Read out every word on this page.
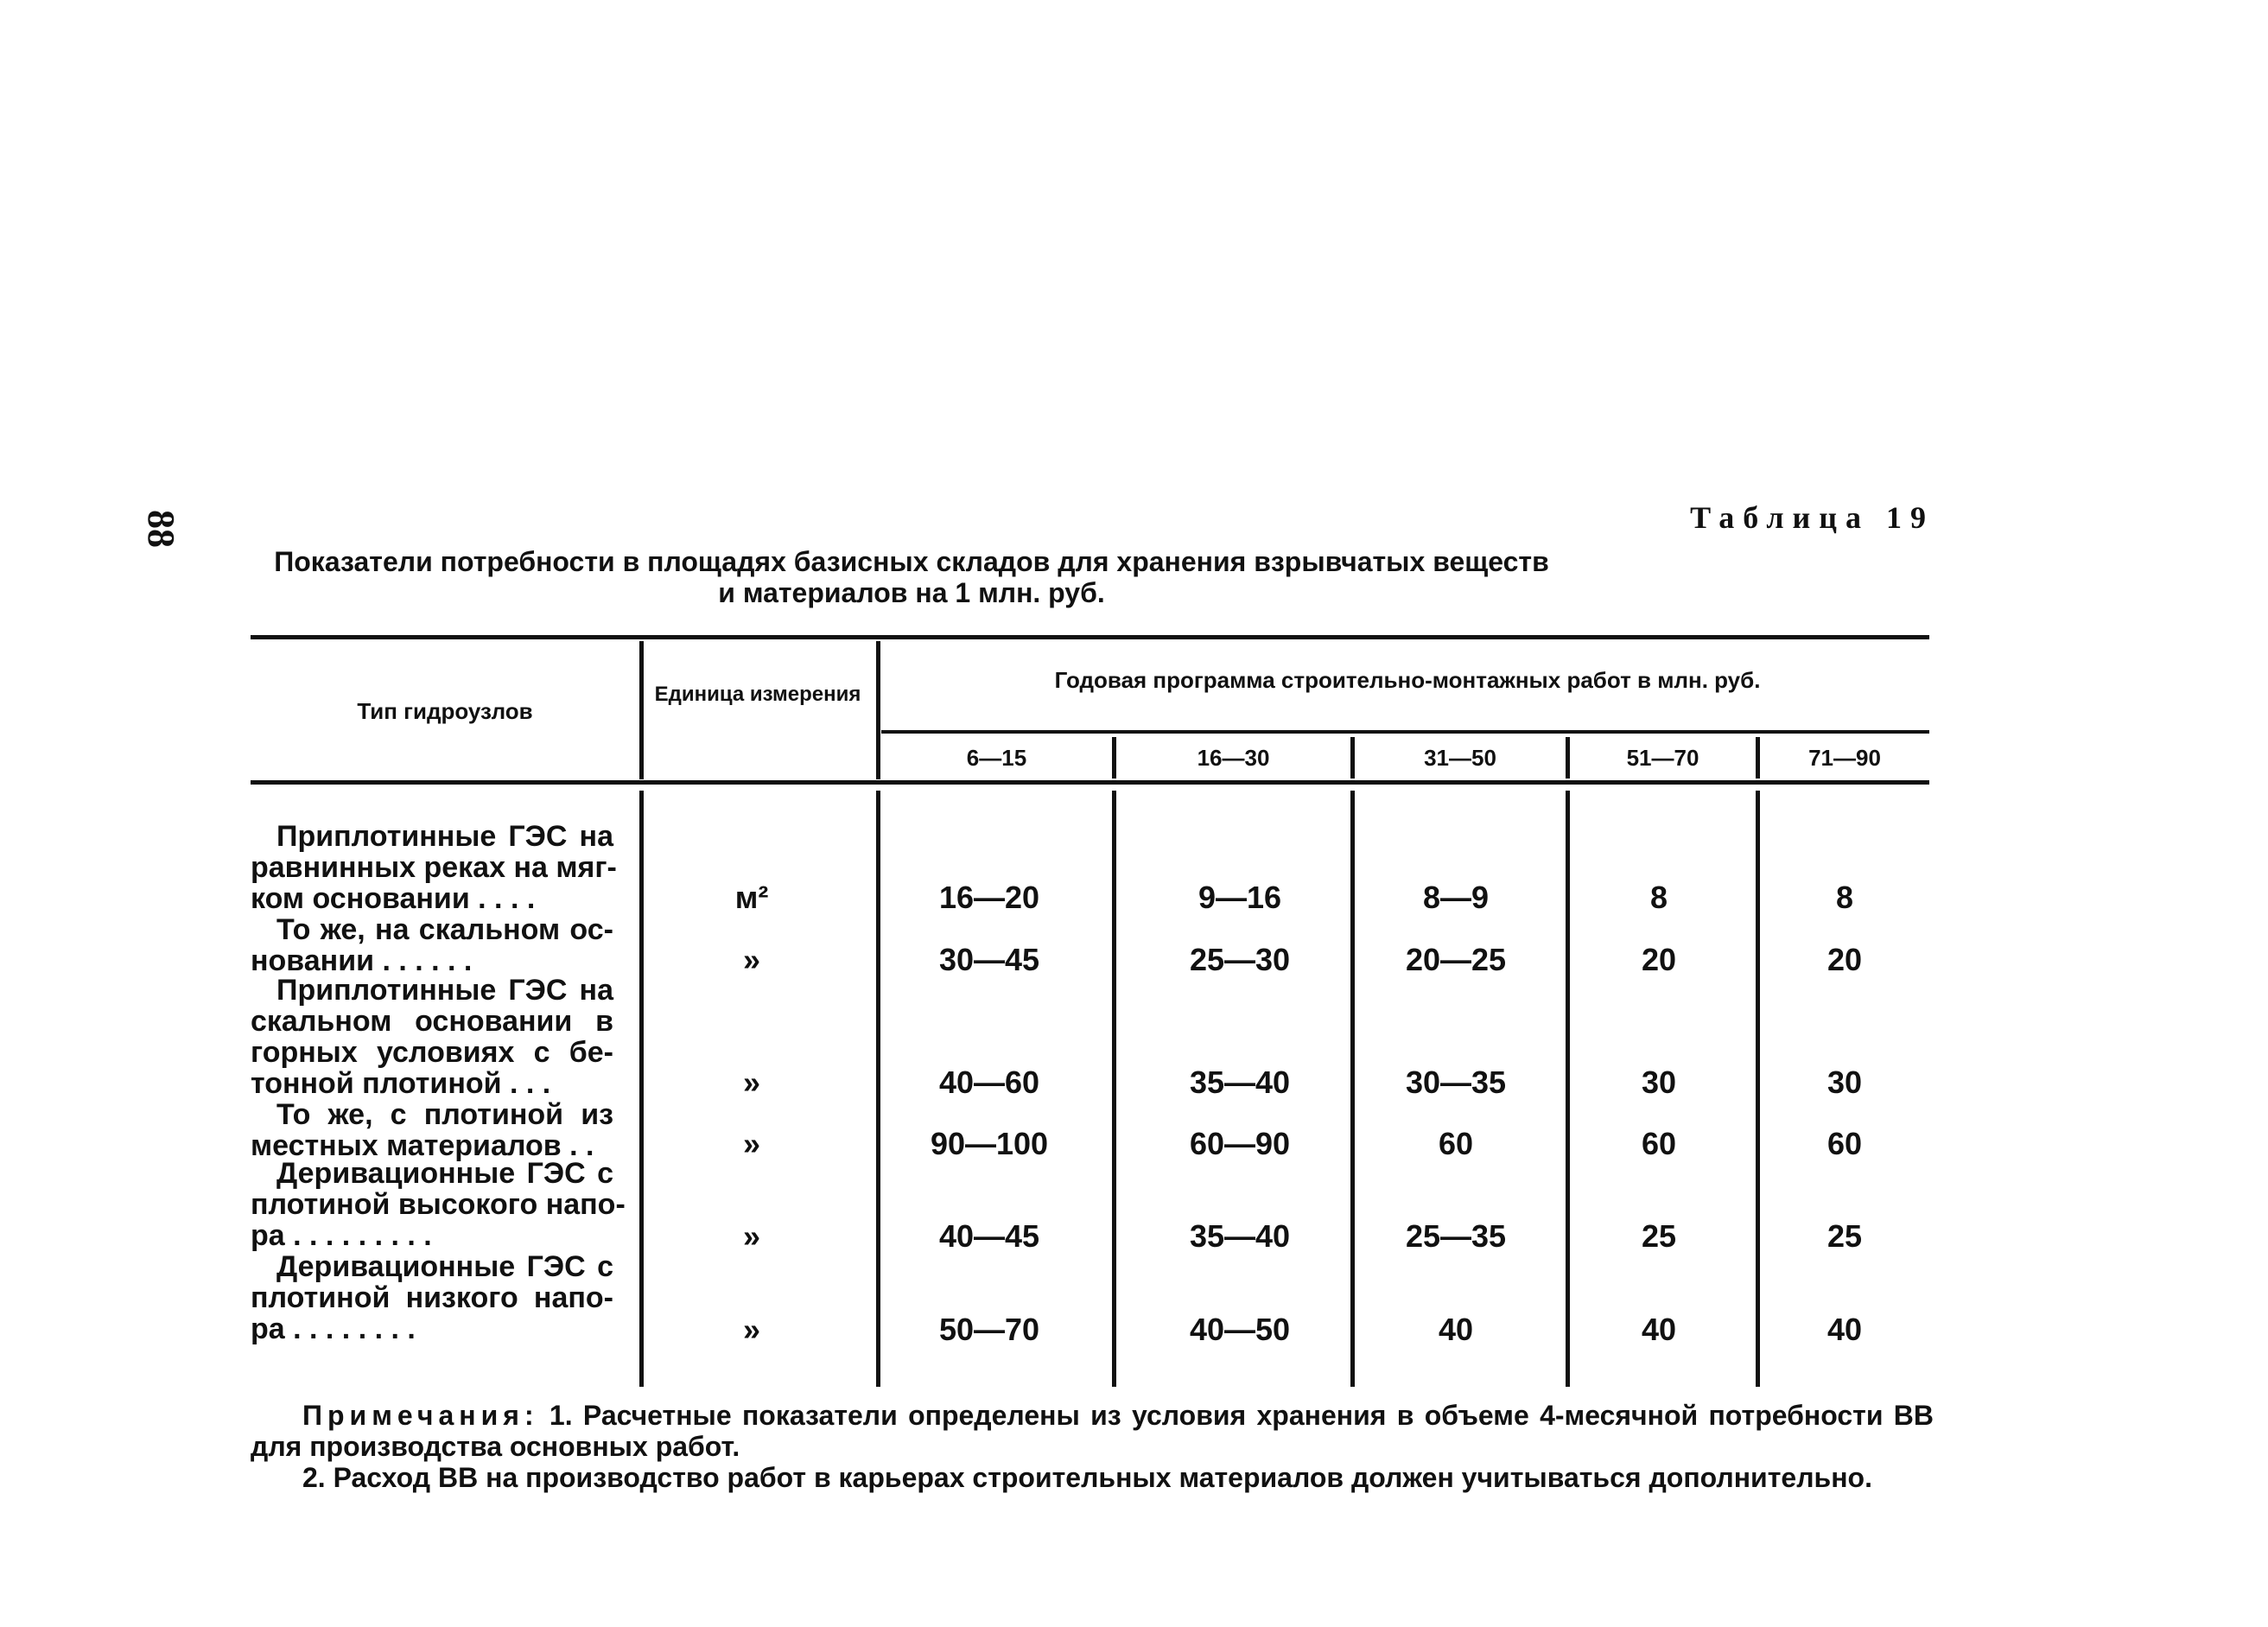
88	Таблица 19
Показатели потребности в площадях базисных складов для хранения взрывчатых веществ
и материалов на 1 млн. руб.
Тип гидроузлов
Единица измерения
Годовая программа строительно-монтажных работ в млн. руб.
6—15	16—30	31—50	51—70	71—90
Приплотинные ГЭС на
равнинных реках на мяг-
ком основании . . . .	м²	16—20	9—16	8—9	8	8
То же, на скальном ос-
новании . . . . . .	»	30—45	25—30	20—25	20	20
Приплотинные ГЭС на
скальном основании в
горных условиях с бе-
тонной плотиной . . .	»	40—60	35—40	30—35	30	30
То же, с плотиной из
местных материалов . .	»	90—100	60—90	60	60	60
Деривационные ГЭС с
плотиной высокого напо-
ра . . . . . . . . .	»	40—45	35—40	25—35	25	25
Деривационные ГЭС с
плотиной низкого напо-
ра . . . . . . . .	»	50—70	40—50	40	40	40
Примечания: 1. Расчетные показатели определены из условия хранения в объеме 4-месячной потребности ВВ для производства основных работ.
2. Расход ВВ на производство работ в карьерах строительных материалов должен учитываться дополнительно.
